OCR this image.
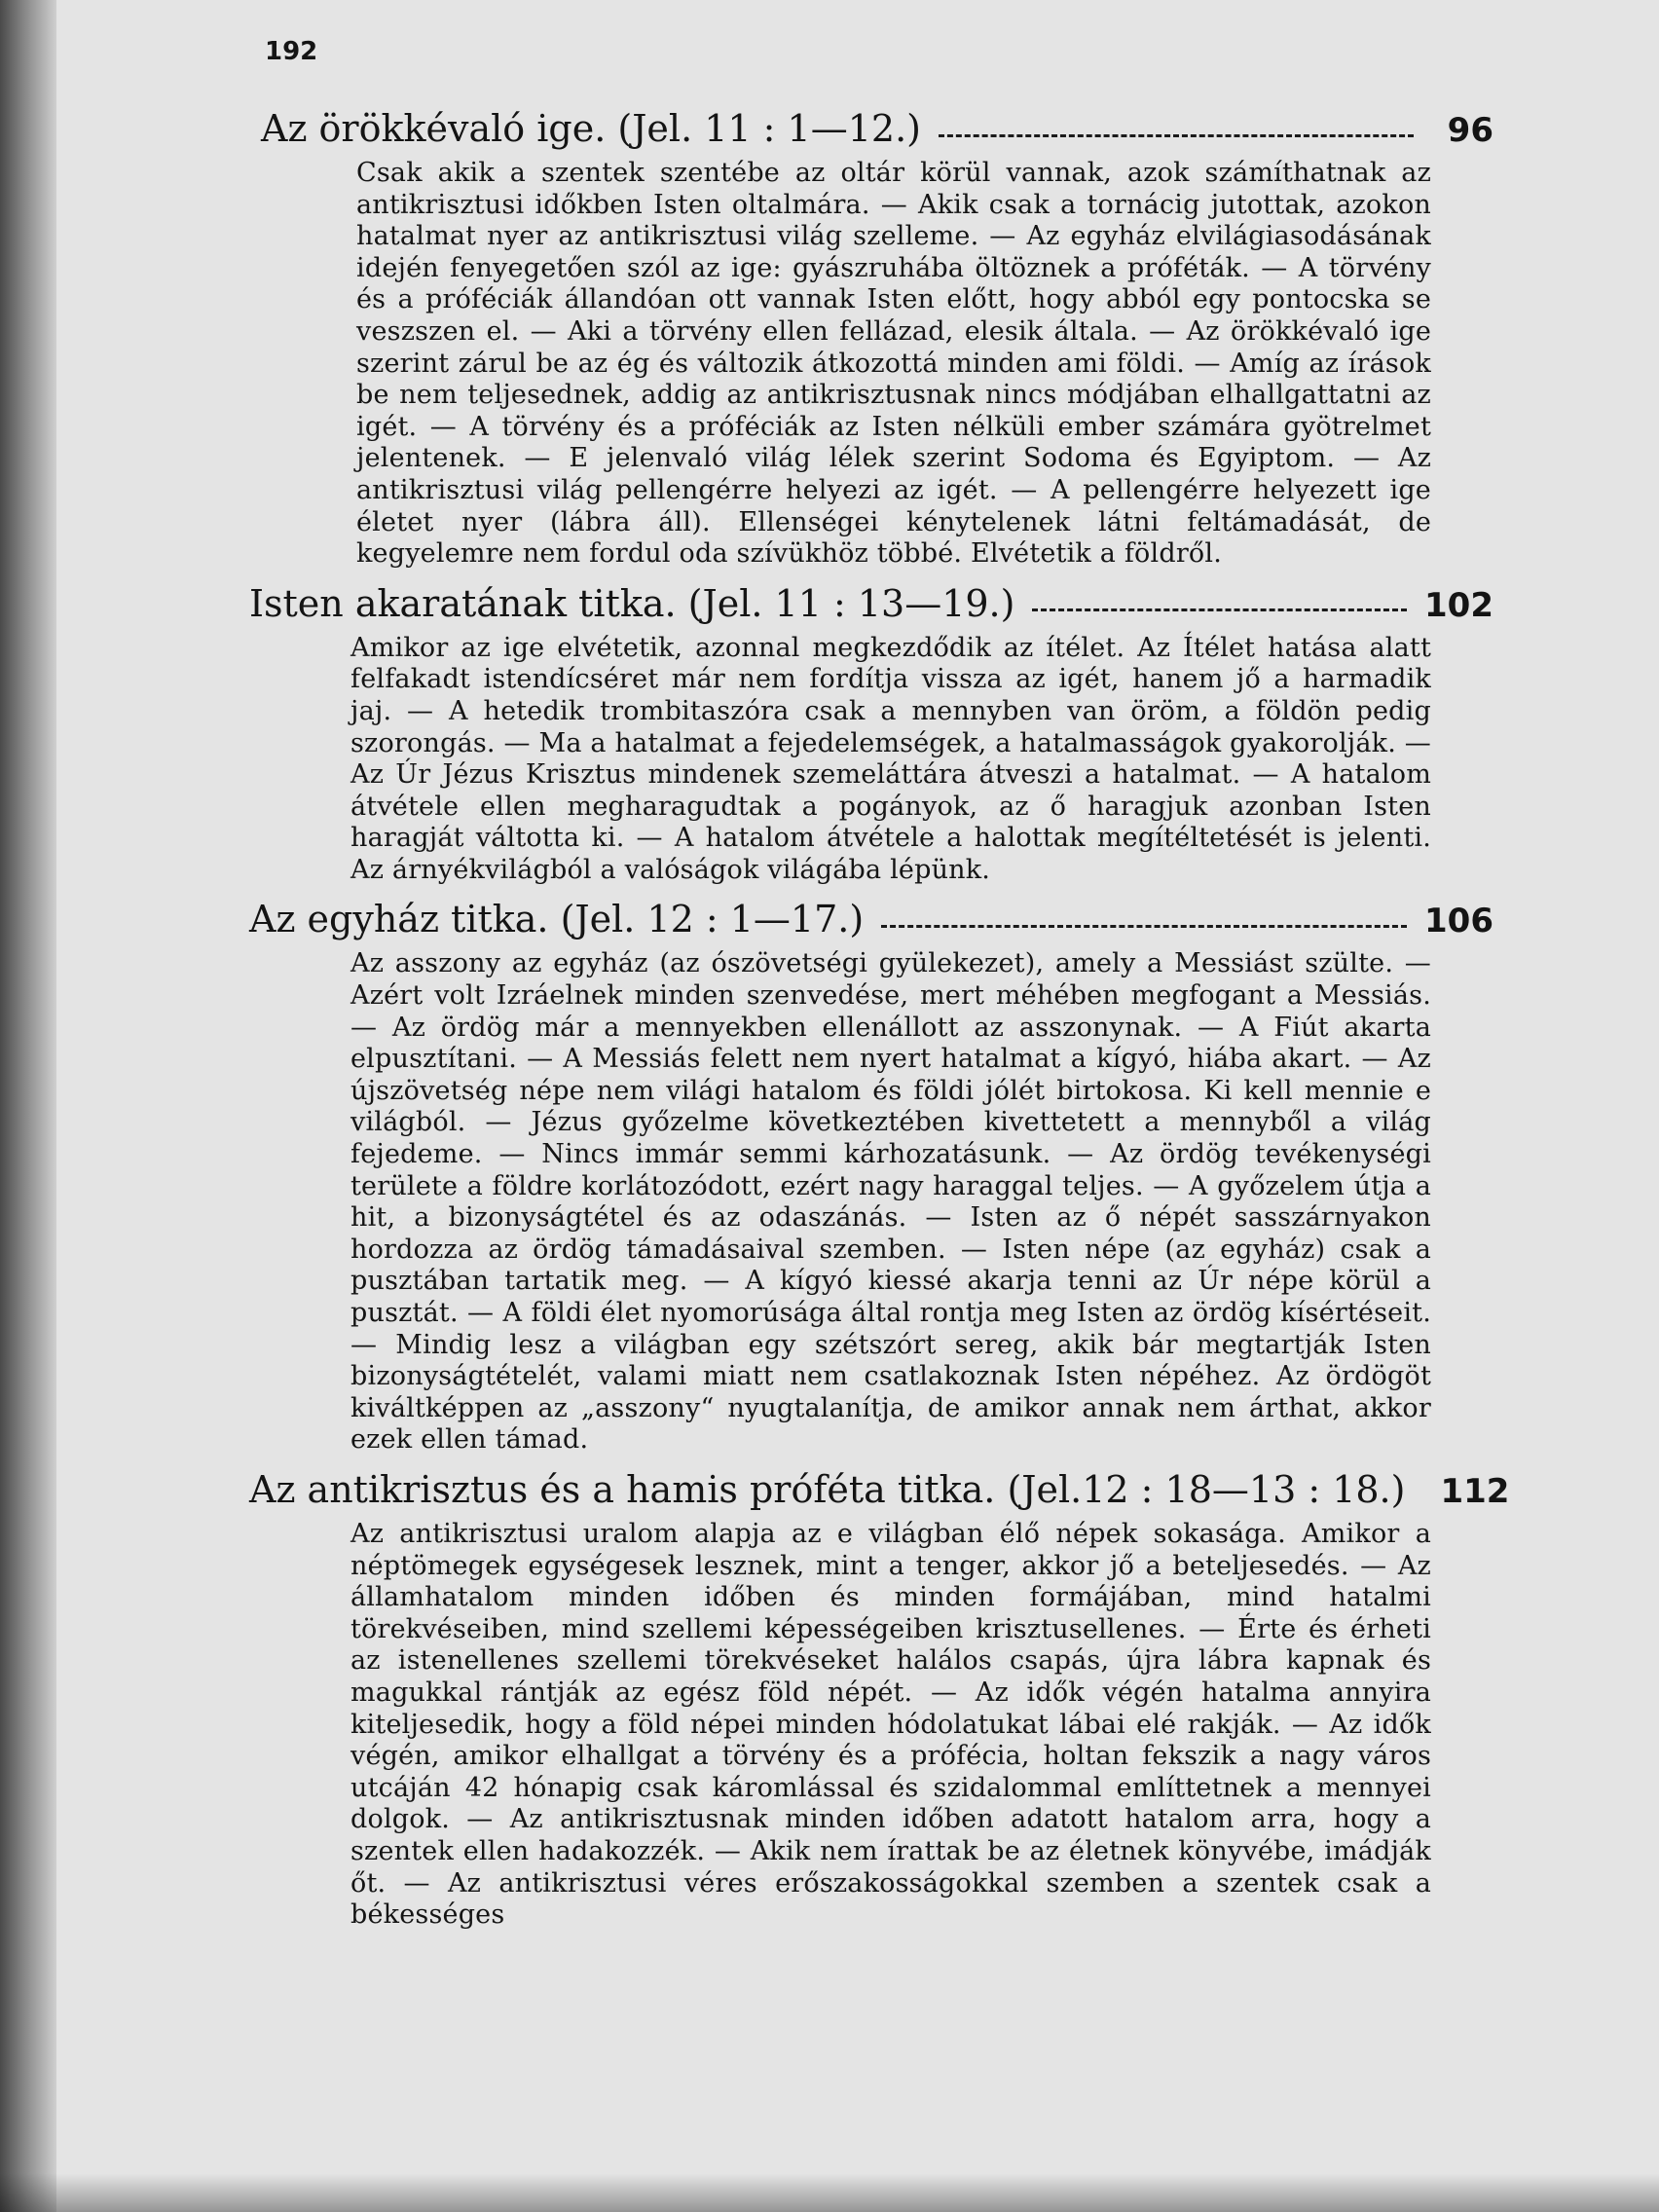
192
Az örökkévaló ige. (Jel. 11 : 1—12.)	96
Csak akik a szentek szentébe az oltár körül vannak, azok számíthatnak az antikrisztusi időkben Isten oltalmára. — Akik csak a tornácig jutottak, azokon hatalmat nyer az antikrisztusi világ szelleme. — Az egyház elvilágiasodásának idején fenyegetően szól az ige: gyászruhába öltöznek a próféták. — A törvény és a próféciák állandóan ott vannak Isten előtt, hogy abból egy pontocska se veszszen el. — Aki a törvény ellen fellázad, elesik általa. — Az örökkévaló ige szerint zárul be az ég és változik átkozottá minden ami földi. — Amíg az írások be nem teljesednek, addig az antikrisztusnak nincs módjában elhallgattatni az igét. — A törvény és a próféciák az Isten nélküli ember számára gyötrelmet jelentenek. — E jelenvaló világ lélek szerint Sodoma és Egyiptom. — Az antikrisztusi világ pellengérre helyezi az igét. — A pellengérre helyezett ige életet nyer (lábra áll). Ellenségei kénytelenek látni feltámadását, de kegyelemre nem fordul oda szívükhöz többé. Elvétetik a földről.
Isten akaratának titka. (Jel. 11 : 13—19.)	102
Amikor az ige elvétetik, azonnal megkezdődik az ítélet. Az Ítélet hatása alatt felfakadt istendícséret már nem fordítja vissza az igét, hanem jő a harmadik jaj. — A hetedik trombitaszóra csak a mennyben van öröm, a földön pedig szorongás. — Ma a hatalmat a fejedelemségek, a hatalmasságok gyakorolják. — Az Úr Jézus Krisztus mindenek szemeláttára átveszi a hatalmat. — A hatalom átvétele ellen megharagudtak a pogányok, az ő haragjuk azonban Isten haragját váltotta ki. — A hatalom átvétele a halottak megítéltetését is jelenti. Az árnyékvilágból a valóságok világába lépünk.
Az egyház titka. (Jel. 12 : 1—17.)	106
Az asszony az egyház (az ószövetségi gyülekezet), amely a Messiást szülte. — Azért volt Izráelnek minden szenvedése, mert méhében megfogant a Messiás. — Az ördög már a mennyekben ellenállott az asszonynak. — A Fiút akarta elpusztítani. — A Messiás felett nem nyert hatalmat a kígyó, hiába akart. — Az újszövetség népe nem világi hatalom és földi jólét birtokosa. Ki kell mennie e világból. — Jézus győzelme következtében kivettetett a mennyből a világ fejedeme. — Nincs immár semmi kárhozatásunk. — Az ördög tevékenységi területe a földre korlátozódott, ezért nagy haraggal teljes. — A győzelem útja a hit, a bizonyságtétel és az odaszánás. — Isten az ő népét sasszárnyakon hordozza az ördög támadásaival szemben. — Isten népe (az egyház) csak a pusztában tartatik meg. — A kígyó kiessé akarja tenni az Úr népe körül a pusztát. — A földi élet nyomorúsága által rontja meg Isten az ördög kísértéseit. — Mindig lesz a világban egy szétszórt sereg, akik bár megtartják Isten bizonyságtételét, valami miatt nem csatlakoznak Isten népéhez. Az ördögöt kiváltképpen az „asszony“ nyugtalanítja, de amikor annak nem árthat, akkor ezek ellen támad.
Az antikrisztus és a hamis próféta titka. (Jel.12 : 18—13 : 18.) 112
Az antikrisztusi uralom alapja az e világban élő népek sokasága. Amikor a néptömegek egységesek lesznek, mint a tenger, akkor jő a beteljesedés. — Az államhatalom minden időben és minden formájában, mind hatalmi törekvéseiben, mind szellemi képességeiben krisztusellenes. — Érte és érheti az istenellenes szellemi törekvéseket halálos csapás, újra lábra kapnak és magukkal rántják az egész föld népét. — Az idők végén hatalma annyira kiteljesedik, hogy a föld népei minden hódolatukat lábai elé rakják. — Az idők végén, amikor elhallgat a törvény és a prófécia, holtan fekszik a nagy város utcáján 42 hónapig csak káromlással és szidalommal említtetnek a mennyei dolgok. — Az antikrisztusnak minden időben adatott hatalom arra, hogy a szentek ellen hadakozzék. — Akik nem írattak be az életnek könyvébe, imádják őt. — Az antikrisztusi véres erőszakosságokkal szemben a szentek csak a békességes
